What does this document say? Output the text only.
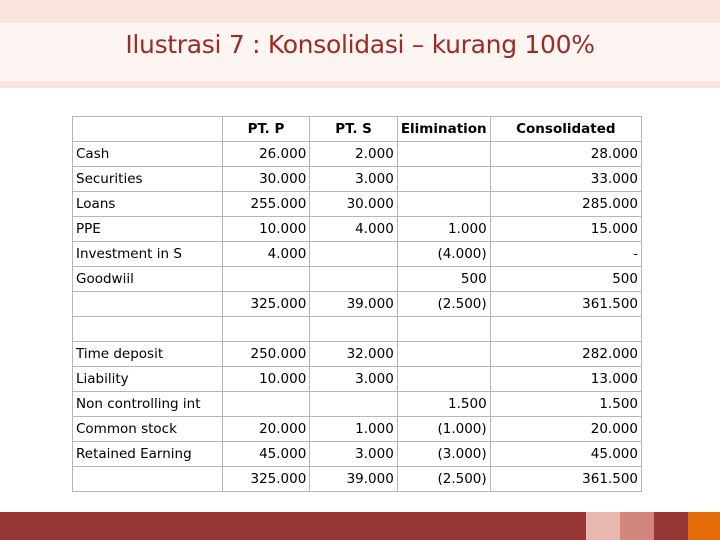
Ilustrasi 7 : Konsolidasi – kurang 100%
	PT. P	PT. S	Elimination	Consolidated
Cash	26.000	2.000		28.000
Securities	30.000	3.000		33.000
Loans	255.000	30.000		285.000
PPE	10.000	4.000	1.000	15.000
Investment in S	4.000		(4.000)	-
Goodwiil			500	500
	325.000	39.000	(2.500)	361.500

Time deposit	250.000	32.000		282.000
Liability	10.000	3.000		13.000
Non controlling int			1.500	1.500
Common stock	20.000	1.000	(1.000)	20.000
Retained Earning	45.000	3.000	(3.000)	45.000
	325.000	39.000	(2.500)	361.500
